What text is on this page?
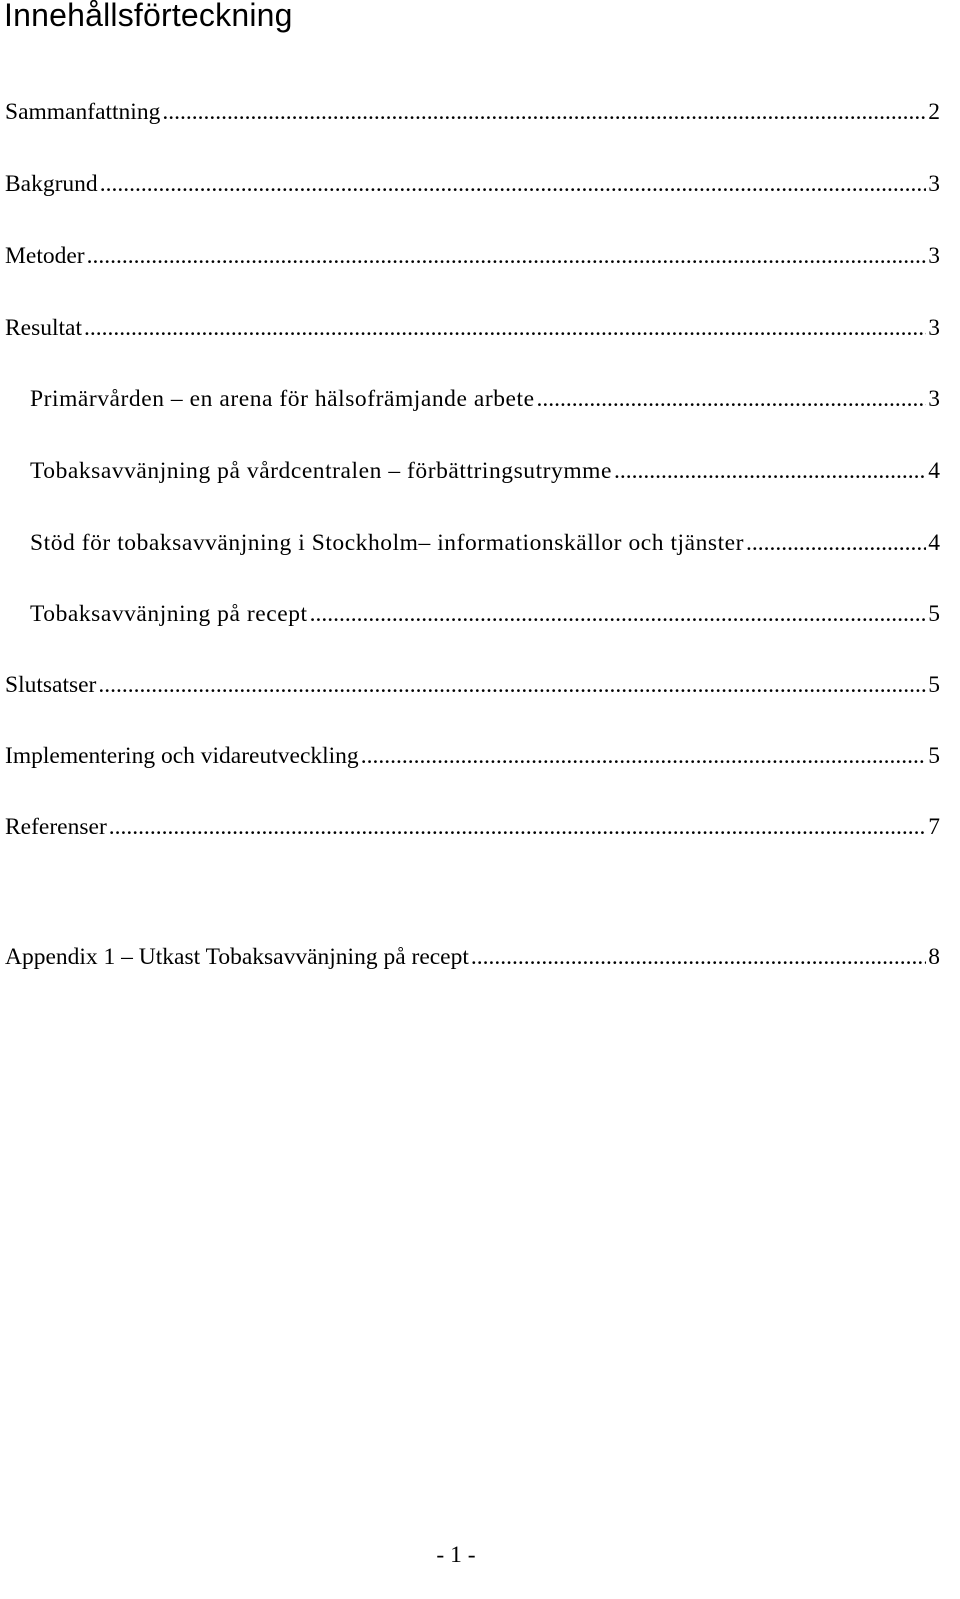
Innehållsförteckning
Sammanfattning .....	2
Bakgrund .....	3
Metoder .....	3
Resultat .....	3
Primärvården – en arena för hälsofrämjande arbete .....	3
Tobaksavvänjning på vårdcentralen – förbättringsutrymme .....	4
Stöd för tobaksavvänjning i Stockholm– informationskällor och tjänster .....	4
Tobaksavvänjning på recept .....	5
Slutsatser .....	5
Implementering och vidareutveckling .....	5
Referenser .....	7
Appendix 1 – Utkast Tobaksavvänjning på recept .....	8
- 1 -
